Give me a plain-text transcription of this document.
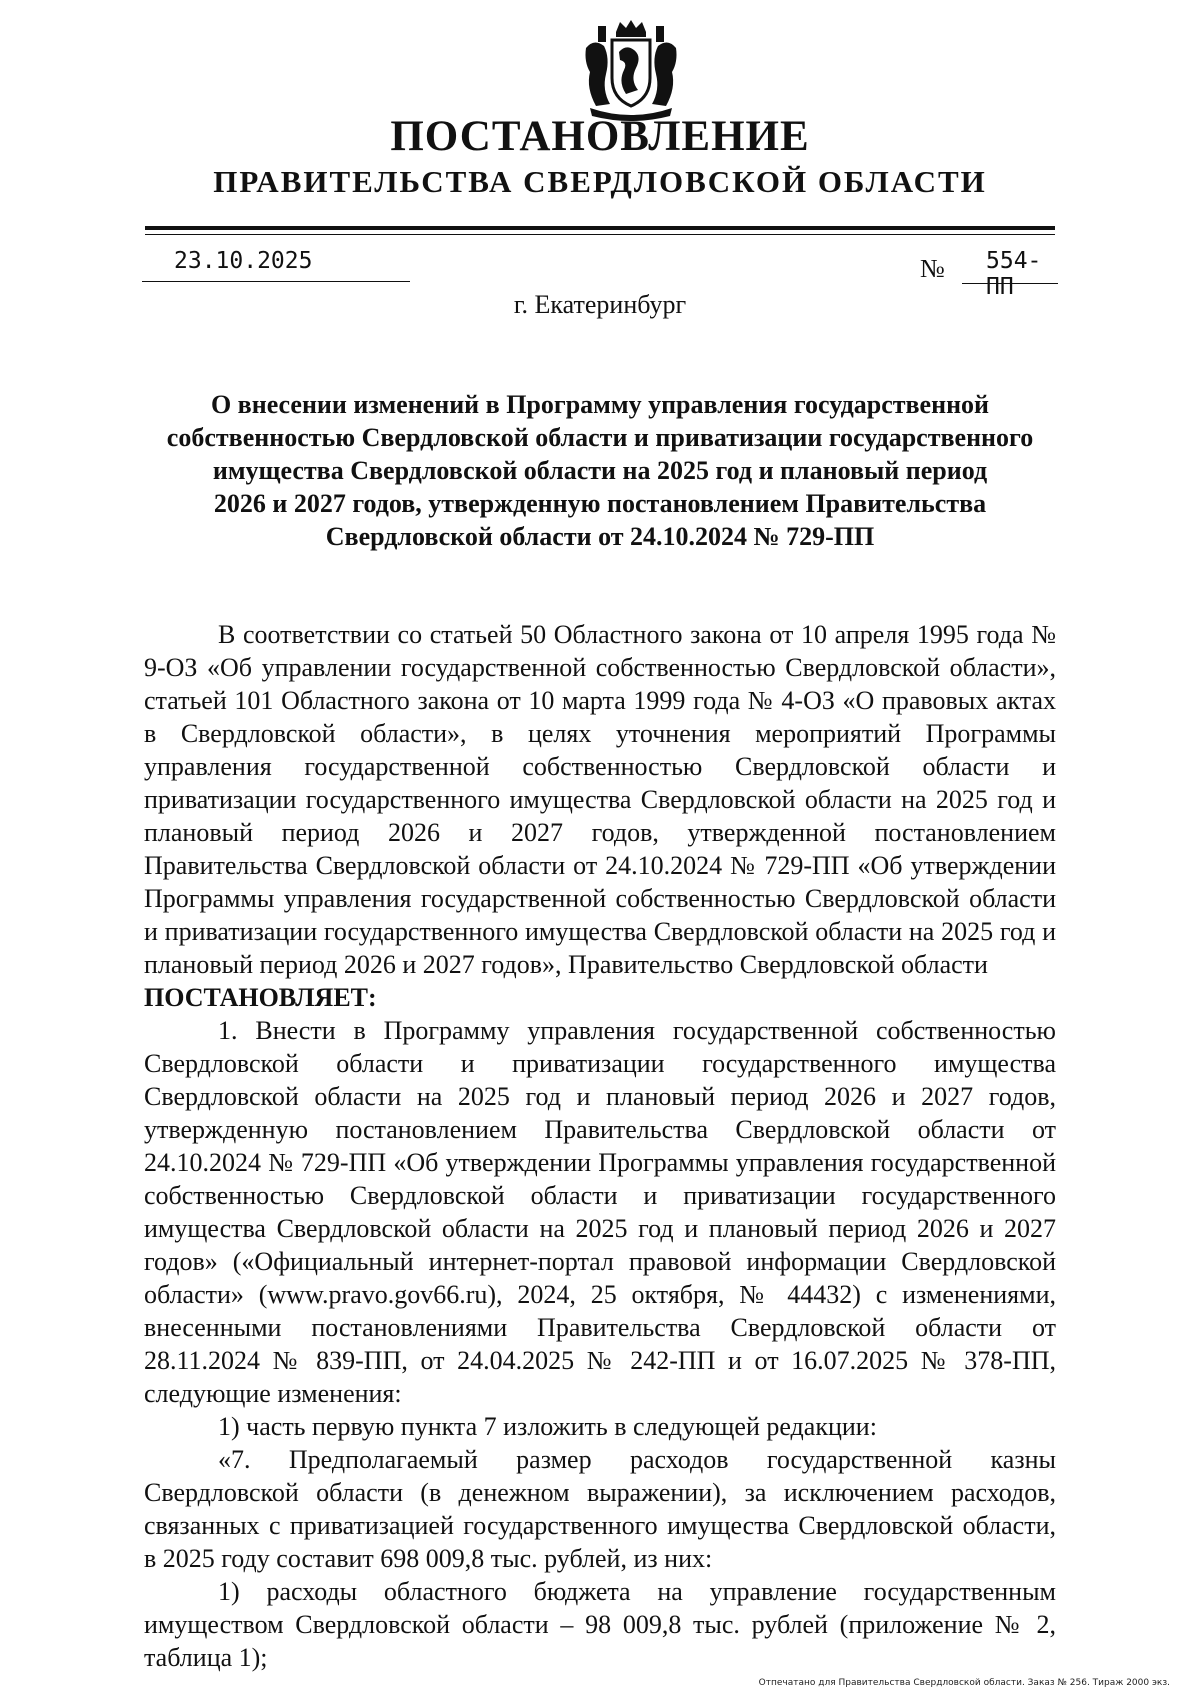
ПОСТАНОВЛЕНИЕ
ПРАВИТЕЛЬСТВА СВЕРДЛОВСКОЙ ОБЛАСТИ
23.10.2025	№	554-ПП
г. Екатеринбург
О внесении изменений в Программу управления государственной
собственностью Свердловской области и приватизации государственного
имущества Свердловской области на 2025 год и плановый период
2026 и 2027 годов, утвержденную постановлением Правительства
Свердловской области от 24.10.2024 № 729-ПП

В соответствии со статьей 50 Областного закона от 10 апреля 1995 года № 9-ОЗ «Об управлении государственной собственностью Свердловской области», статьей 101 Областного закона от 10 марта 1999 года № 4-ОЗ «О правовых актах в Свердловской области», в целях уточнения мероприятий Программы управления государственной собственностью Свердловской области и приватизации государственного имущества Свердловской области на 2025 год и плановый период 2026 и 2027 годов, утвержденной постановлением Правительства Свердловской области от 24.10.2024 № 729-ПП «Об утверждении Программы управления государственной собственностью Свердловской области и приватизации государственного имущества Свердловской области на 2025 год и плановый период 2026 и 2027 годов», Правительство Свердловской области

ПОСТАНОВЛЯЕТ:

1. Внести в Программу управления государственной собственностью Свердловской области и приватизации государственного имущества Свердловской области на 2025 год и плановый период 2026 и 2027 годов, утвержденную постановлением Правительства Свердловской области от 24.10.2024 № 729-ПП «Об утверждении Программы управления государственной собственностью Свердловской области и приватизации государственного имущества Свердловской области на 2025 год и плановый период 2026 и 2027 годов» («Официальный интернет-портал правовой информации Свердловской области» (www.pravo.gov66.ru), 2024, 25 октября, № 44432) с изменениями, внесенными постановлениями Правительства Свердловской области от 28.11.2024 № 839-ПП, от 24.04.2025 № 242-ПП и от 16.07.2025 № 378-ПП, следующие изменения:

1) часть первую пункта 7 изложить в следующей редакции:

«7. Предполагаемый размер расходов государственной казны Свердловской области (в денежном выражении), за исключением расходов, связанных с приватизацией государственного имущества Свердловской области, в 2025 году составит 698 009,8 тыс. рублей, из них:

1) расходы областного бюджета на управление государственным имуществом Свердловской области – 98 009,8 тыс. рублей (приложение № 2, таблица 1);

Отпечатано для Правительства Свердловской области. Заказ № 256. Тираж 2000 экз.
